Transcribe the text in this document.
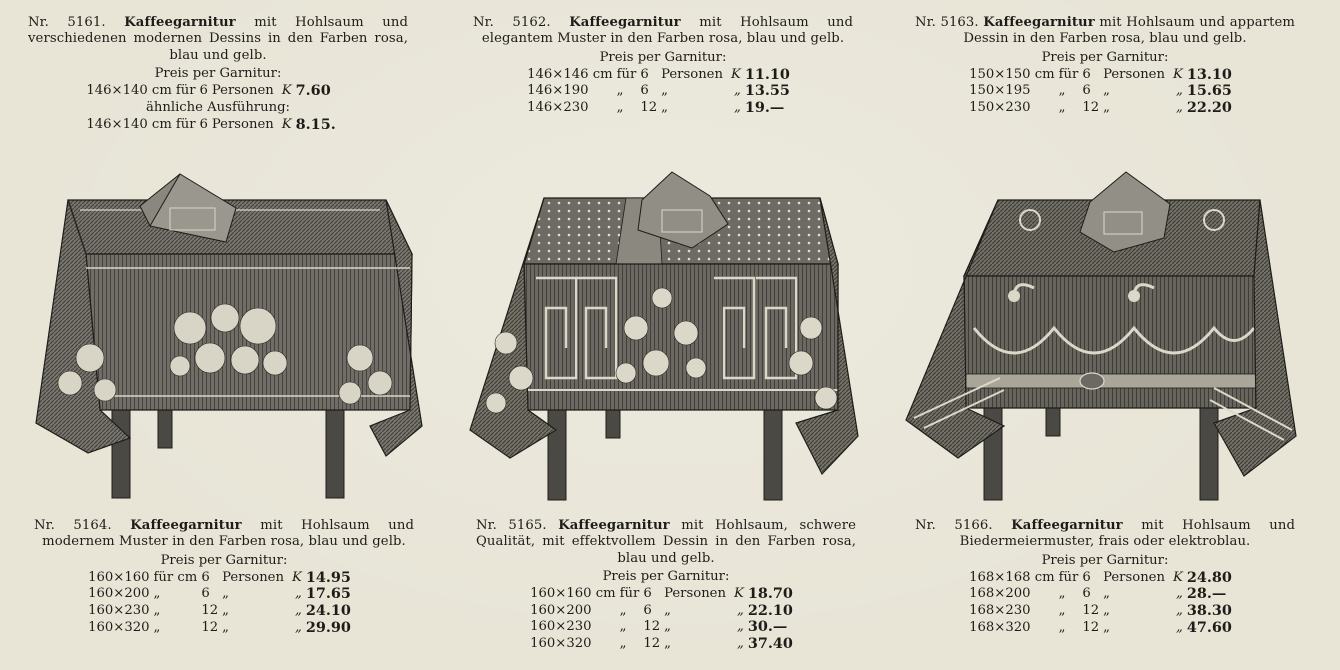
Nr. 5161. Kaffeegarnitur mit Hohlsaum und verschiedenen modernen Dessins in den Farben rosa, blau und gelb.
Preis per Garnitur:
146×140 cm	für	6	Personen	K	7.60
ähnliche Ausführung:
146×140 cm	für	6	Personen	K	8.15.
Nr. 5162. Kaffeegarnitur mit Hohlsaum und elegantem Muster in den Farben rosa, blau und gelb.
Preis per Garnitur:
146×146 cm	für	6	Personen	K	11.10
146×190	„	6	„	„	13.55
146×230	„	12	„	„	19.—
Nr. 5163. Kaffeegarnitur mit Hohlsaum und appartem Dessin in den Farben rosa, blau und gelb.
Preis per Garnitur:
150×150 cm	für	6	Personen	K	13.10
150×195	„	6	„	„	15.65
150×230	„	12	„	„	22.20
Nr. 5164. Kaffeegarnitur mit Hohlsaum und modernem Muster in den Farben rosa, blau und gelb.
Preis per Garnitur:
160×160	für cm	6	Personen	K	14.95
160×200	„	6	„	„	17.65
160×230	„	12	„	„	24.10
160×320	„	12	„	„	29.90
Nr. 5165. Kaffeegarnitur mit Hohlsaum, schwere Qualität, mit effektvollem Dessin in den Farben rosa, blau und gelb.
Preis per Garnitur:
160×160 cm	für	6	Personen	K	18.70
160×200	„	6	„	„	22.10
160×230	„	12	„	„	30.—
160×320	„	12	„	„	37.40
Nr. 5166. Kaffeegarnitur mit Hohlsaum und Biedermeiermuster, frais oder elektroblau.
Preis per Garnitur:
168×168 cm	für	6	Personen	K	24.80
168×200	„	6	„	„	28.—
168×230	„	12	„	„	38.30
168×320	„	12	„	„	47.60
